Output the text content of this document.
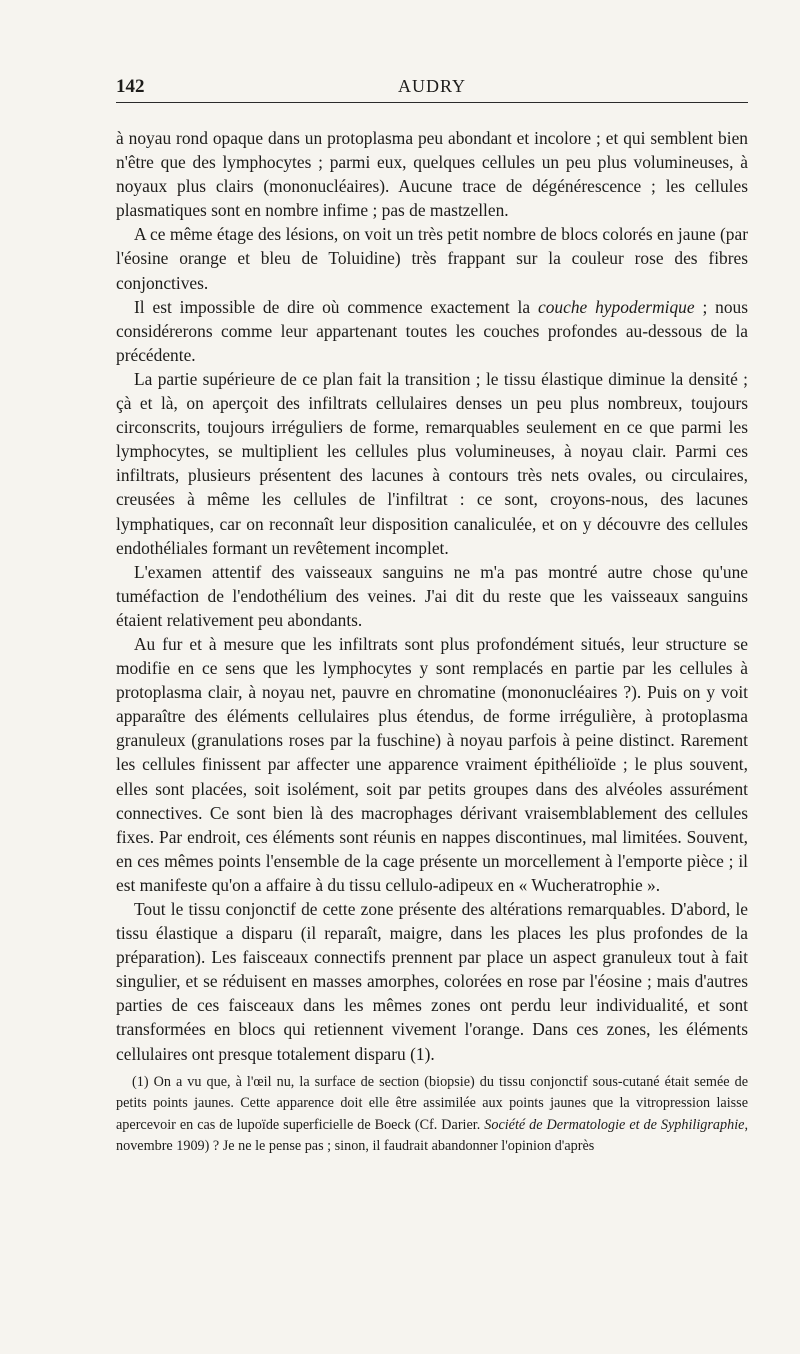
142	AUDRY

à noyau rond opaque dans un protoplasma peu abondant et incolore ; et qui semblent bien n'être que des lymphocytes ; parmi eux, quelques cellules un peu plus volumineuses, à noyaux plus clairs (mononucléaires). Aucune trace de dégénérescence ; les cellules plasmatiques sont en nombre infime ; pas de mastzellen.

A ce même étage des lésions, on voit un très petit nombre de blocs colorés en jaune (par l'éosine orange et bleu de Toluidine) très frappant sur la couleur rose des fibres conjonctives.

Il est impossible de dire où commence exactement la couche hypodermique ; nous considérerons comme leur appartenant toutes les couches profondes au-dessous de la précédente.

La partie supérieure de ce plan fait la transition ; le tissu élastique diminue la densité ; çà et là, on aperçoit des infiltrats cellulaires denses un peu plus nombreux, toujours circonscrits, toujours irréguliers de forme, remarquables seulement en ce que parmi les lymphocytes, se multiplient les cellules plus volumineuses, à noyau clair. Parmi ces infiltrats, plusieurs présentent des lacunes à contours très nets ovales, ou circulaires, creusées à même les cellules de l'infiltrat : ce sont, croyons-nous, des lacunes lymphatiques, car on reconnaît leur disposition canaliculée, et on y découvre des cellules endothéliales formant un revêtement incomplet.

L'examen attentif des vaisseaux sanguins ne m'a pas montré autre chose qu'une tuméfaction de l'endothélium des veines. J'ai dit du reste que les vaisseaux sanguins étaient relativement peu abondants.

Au fur et à mesure que les infiltrats sont plus profondément situés, leur structure se modifie en ce sens que les lymphocytes y sont remplacés en partie par les cellules à protoplasma clair, à noyau net, pauvre en chromatine (mononucléaires ?). Puis on y voit apparaître des éléments cellulaires plus étendus, de forme irrégulière, à protoplasma granuleux (granulations roses par la fuschine) à noyau parfois à peine distinct. Rarement les cellules finissent par affecter une apparence vraiment épithélioïde ; le plus souvent, elles sont placées, soit isolément, soit par petits groupes dans des alvéoles assurément connectives. Ce sont bien là des macrophages dérivant vraisemblablement des cellules fixes. Par endroit, ces éléments sont réunis en nappes discontinues, mal limitées. Souvent, en ces mêmes points l'ensemble de la cage présente un morcellement à l'emporte pièce ; il est manifeste qu'on a affaire à du tissu cellulo-adipeux en « Wucheratrophie ».

Tout le tissu conjonctif de cette zone présente des altérations remarquables. D'abord, le tissu élastique a disparu (il reparaît, maigre, dans les places les plus profondes de la préparation). Les faisceaux connectifs prennent par place un aspect granuleux tout à fait singulier, et se réduisent en masses amorphes, colorées en rose par l'éosine ; mais d'autres parties de ces faisceaux dans les mêmes zones ont perdu leur individualité, et sont transformées en blocs qui retiennent vivement l'orange. Dans ces zones, les éléments cellulaires ont presque totalement disparu (1).

(1) On a vu que, à l'œil nu, la surface de section (biopsie) du tissu conjonctif sous-cutané était semée de petits points jaunes. Cette apparence doit elle être assimilée aux points jaunes que la vitropression laisse apercevoir en cas de lupoïde superficielle de Boeck (Cf. Darier. Société de Dermatologie et de Syphiligraphie, novembre 1909) ? Je ne le pense pas ; sinon, il faudrait abandonner l'opinion d'après
